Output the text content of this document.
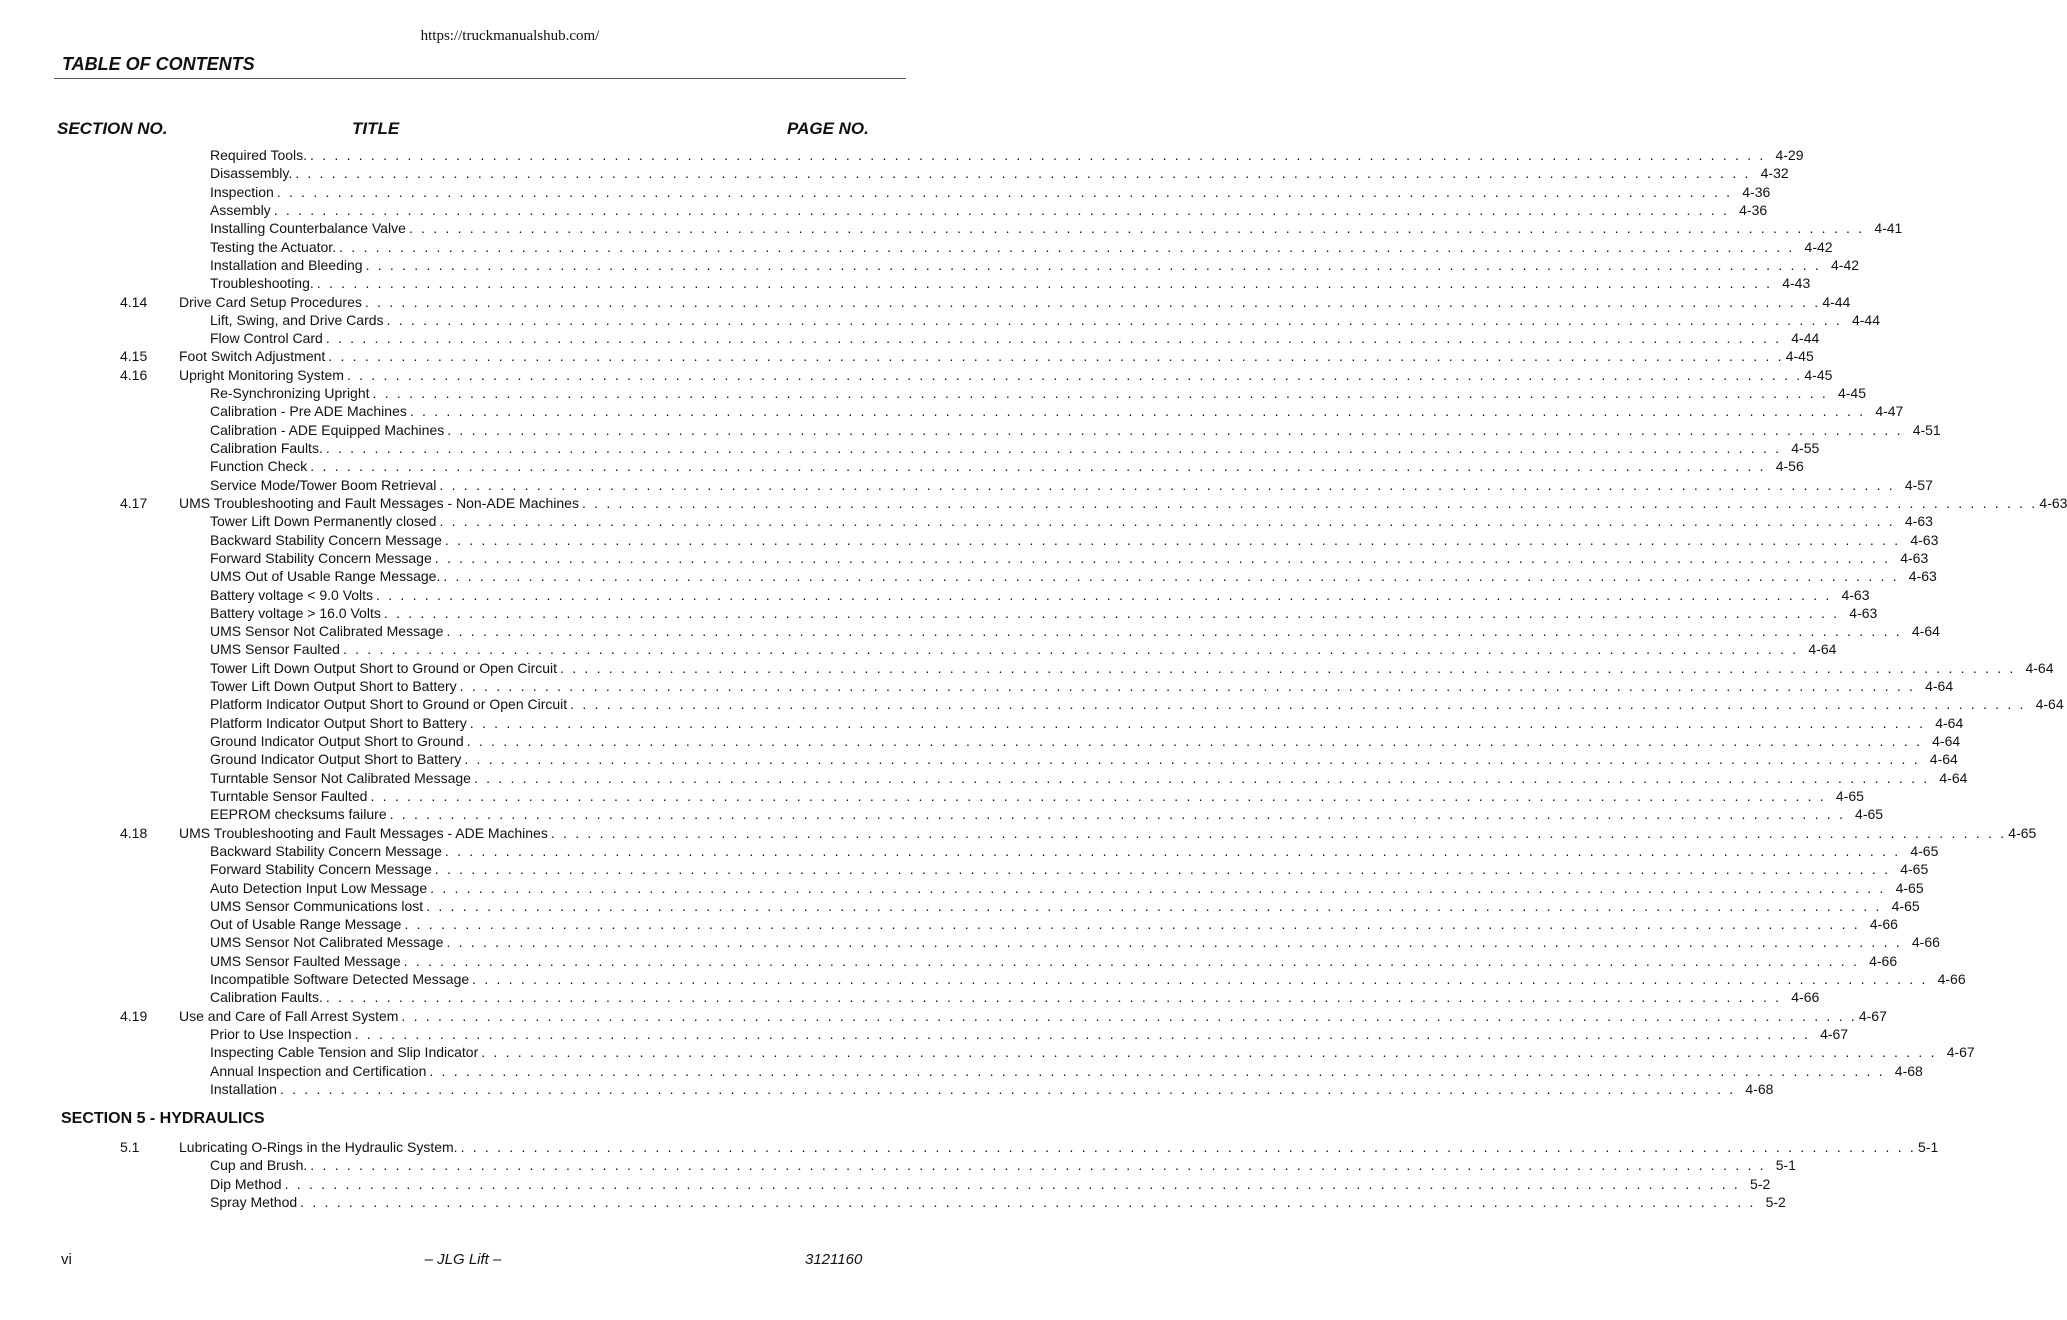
https://truckmanualshub.com/
TABLE OF CONTENTS
SECTION NO.	TITLE	PAGE NO.
Required Tools. . . . . . . . . . . . . . . . . . . . . . . . . . . . . . . . . . . . . . . . . . . . . . . . . . . . . . . . . . . . . . . . . . . . . . . . . . . . . . . . . . . . . . . . . . . . . . . . . . . . . . . . . . . . . . . . . . . . . . . . . 4-29
Disassembly. . . . . . . . . . . . . . . . . . . . . . . . . . . . . . . . . . . . . . . . . . . . . . . . . . . . . . . . . . . . . . . . . . . . . . . . . . . . . . . . . . . . . . . . . . . . . . . . . . . . . . . . . . . . . . . . . . . . . . . . . 4-32
Inspection . . . . . . . . . . . . . . . . . . . . . . . . . . . . . . . . . . . . . . . . . . . . . . . . . . . . . . . . . . . . . . . . . . . . . . . . . . . . . . . . . . . . . . . . . . . . . . . . . . . . . . . . . . . . . . . . . . . . . . . . 4-36
Assembly . . . . . . . . . . . . . . . . . . . . . . . . . . . . . . . . . . . . . . . . . . . . . . . . . . . . . . . . . . . . . . . . . . . . . . . . . . . . . . . . . . . . . . . . . . . . . . . . . . . . . . . . . . . . . . . . . . . . . . . . 4-36
Installing Counterbalance Valve . . . . . . . . . . . . . . . . . . . . . . . . . . . . . . . . . . . . . . . . . . . . . . . . . . . . . . . . . . . . . . . . . . . . . . . . . . . . . . . . . . . . . . . . . . . . . . . . . . . . . . . . . . . . . . . . . . . . . . . . 4-41
Testing the Actuator. . . . . . . . . . . . . . . . . . . . . . . . . . . . . . . . . . . . . . . . . . . . . . . . . . . . . . . . . . . . . . . . . . . . . . . . . . . . . . . . . . . . . . . . . . . . . . . . . . . . . . . . . . . . . . . . . . . . . . . . . 4-42
Installation and Bleeding . . . . . . . . . . . . . . . . . . . . . . . . . . . . . . . . . . . . . . . . . . . . . . . . . . . . . . . . . . . . . . . . . . . . . . . . . . . . . . . . . . . . . . . . . . . . . . . . . . . . . . . . . . . . . . . . . . . . . . . . 4-42
Troubleshooting. . . . . . . . . . . . . . . . . . . . . . . . . . . . . . . . . . . . . . . . . . . . . . . . . . . . . . . . . . . . . . . . . . . . . . . . . . . . . . . . . . . . . . . . . . . . . . . . . . . . . . . . . . . . . . . . . . . . . . . . . 4-43
4.14 Drive Card Setup Procedures . . . . . . . . . . . . . . . . . . . . . . . . . . . . . . . . . . . . . . . . . . . . . . . . . . . . . . . . . . . . . . . . . . . . . . . . . . . . . . . . . . . . . . . . . . . . . . . . . . . . . . . . . . . . . . . . . . . . . . . . 4-44
Lift, Swing, and Drive Cards . . . . . . . . . . . . . . . . . . . . . . . . . . . . . . . . . . . . . . . . . . . . . . . . . . . . . . . . . . . . . . . . . . . . . . . . . . . . . . . . . . . . . . . . . . . . . . . . . . . . . . . . . . . . . . . . . . . . . . . . 4-44
Flow Control Card . . . . . . . . . . . . . . . . . . . . . . . . . . . . . . . . . . . . . . . . . . . . . . . . . . . . . . . . . . . . . . . . . . . . . . . . . . . . . . . . . . . . . . . . . . . . . . . . . . . . . . . . . . . . . . . . . . . . . . . . 4-44
4.15 Foot Switch Adjustment . . . . . . . . . . . . . . . . . . . . . . . . . . . . . . . . . . . . . . . . . . . . . . . . . . . . . . . . . . . . . . . . . . . . . . . . . . . . . . . . . . . . . . . . . . . . . . . . . . . . . . . . . . . . . . . . . . . . . . . . 4-45
4.16 Upright Monitoring System . . . . . . . . . . . . . . . . . . . . . . . . . . . . . . . . . . . . . . . . . . . . . . . . . . . . . . . . . . . . . . . . . . . . . . . . . . . . . . . . . . . . . . . . . . . . . . . . . . . . . . . . . . . . . . . . . . . . . . . . 4-45
Re-Synchronizing Upright . . . . . . . . . . . . . . . . . . . . . . . . . . . . . . . . . . . . . . . . . . . . . . . . . . . . . . . . . . . . . . . . . . . . . . . . . . . . . . . . . . . . . . . . . . . . . . . . . . . . . . . . . . . . . . . . . . . . . . . . 4-45
Calibration - Pre ADE Machines . . . . . . . . . . . . . . . . . . . . . . . . . . . . . . . . . . . . . . . . . . . . . . . . . . . . . . . . . . . . . . . . . . . . . . . . . . . . . . . . . . . . . . . . . . . . . . . . . . . . . . . . . . . . . . . . . . . . . . . . 4-47
Calibration - ADE Equipped Machines . . . . . . . . . . . . . . . . . . . . . . . . . . . . . . . . . . . . . . . . . . . . . . . . . . . . . . . . . . . . . . . . . . . . . . . . . . . . . . . . . . . . . . . . . . . . . . . . . . . . . . . . . . . . . . . . . . . . . . . . 4-51
Calibration Faults. . . . . . . . . . . . . . . . . . . . . . . . . . . . . . . . . . . . . . . . . . . . . . . . . . . . . . . . . . . . . . . . . . . . . . . . . . . . . . . . . . . . . . . . . . . . . . . . . . . . . . . . . . . . . . . . . . . . . . . . . 4-55
Function Check . . . . . . . . . . . . . . . . . . . . . . . . . . . . . . . . . . . . . . . . . . . . . . . . . . . . . . . . . . . . . . . . . . . . . . . . . . . . . . . . . . . . . . . . . . . . . . . . . . . . . . . . . . . . . . . . . . . . . . . . 4-56
Service Mode/Tower Boom Retrieval . . . . . . . . . . . . . . . . . . . . . . . . . . . . . . . . . . . . . . . . . . . . . . . . . . . . . . . . . . . . . . . . . . . . . . . . . . . . . . . . . . . . . . . . . . . . . . . . . . . . . . . . . . . . . . . . . . . . . . . . 4-57
4.17 UMS Troubleshooting and Fault Messages - Non-ADE Machines . . . . . . . . . . . . . . . . . . . . . . . . . . . . . . . . . . . . . . . . . . . . . . . . . . . . . . . . . . . . . . . . . . . . . . . . . . . . . . . . . . . . . . . . . . . . . . . . . . . . . . . . . . . . . . . . . . . . . . . . 4-63
Tower Lift Down Permanently closed . . . . . . . . . . . . . . . . . . . . . . . . . . . . . . . . . . . . . . . . . . . . . . . . . . . . . . . . . . . . . . . . . . . . . . . . . . . . . . . . . . . . . . . . . . . . . . . . . . . . . . . . . . . . . . . . . . . . . . . . 4-63
Backward Stability Concern Message . . . . . . . . . . . . . . . . . . . . . . . . . . . . . . . . . . . . . . . . . . . . . . . . . . . . . . . . . . . . . . . . . . . . . . . . . . . . . . . . . . . . . . . . . . . . . . . . . . . . . . . . . . . . . . . . . . . . . . . . 4-63
Forward Stability Concern Message . . . . . . . . . . . . . . . . . . . . . . . . . . . . . . . . . . . . . . . . . . . . . . . . . . . . . . . . . . . . . . . . . . . . . . . . . . . . . . . . . . . . . . . . . . . . . . . . . . . . . . . . . . . . . . . . . . . . . . . . 4-63
UMS Out of Usable Range Message. . . . . . . . . . . . . . . . . . . . . . . . . . . . . . . . . . . . . . . . . . . . . . . . . . . . . . . . . . . . . . . . . . . . . . . . . . . . . . . . . . . . . . . . . . . . . . . . . . . . . . . . . . . . . . . . . . . . . . . . . 4-63
Battery voltage < 9.0 Volts . . . . . . . . . . . . . . . . . . . . . . . . . . . . . . . . . . . . . . . . . . . . . . . . . . . . . . . . . . . . . . . . . . . . . . . . . . . . . . . . . . . . . . . . . . . . . . . . . . . . . . . . . . . . . . . . . . . . . . . . 4-63
Battery voltage > 16.0 Volts . . . . . . . . . . . . . . . . . . . . . . . . . . . . . . . . . . . . . . . . . . . . . . . . . . . . . . . . . . . . . . . . . . . . . . . . . . . . . . . . . . . . . . . . . . . . . . . . . . . . . . . . . . . . . . . . . . . . . . . . 4-63
UMS Sensor Not Calibrated Message . . . . . . . . . . . . . . . . . . . . . . . . . . . . . . . . . . . . . . . . . . . . . . . . . . . . . . . . . . . . . . . . . . . . . . . . . . . . . . . . . . . . . . . . . . . . . . . . . . . . . . . . . . . . . . . . . . . . . . . . 4-64
UMS Sensor Faulted . . . . . . . . . . . . . . . . . . . . . . . . . . . . . . . . . . . . . . . . . . . . . . . . . . . . . . . . . . . . . . . . . . . . . . . . . . . . . . . . . . . . . . . . . . . . . . . . . . . . . . . . . . . . . . . . . . . . . . . . 4-64
Tower Lift Down Output Short to Ground or Open Circuit . . . . . . . . . . . . . . . . . . . . . . . . . . . . . . . . . . . . . . . . . . . . . . . . . . . . . . . . . . . . . . . . . . . . . . . . . . . . . . . . . . . . . . . . . . . . . . . . . . . . . . . . . . . . . . . . . . . . . . . . 4-64
Tower Lift Down Output Short to Battery . . . . . . . . . . . . . . . . . . . . . . . . . . . . . . . . . . . . . . . . . . . . . . . . . . . . . . . . . . . . . . . . . . . . . . . . . . . . . . . . . . . . . . . . . . . . . . . . . . . . . . . . . . . . . . . . . . . . . . . . 4-64
Platform Indicator Output Short to Ground or Open Circuit . . . . . . . . . . . . . . . . . . . . . . . . . . . . . . . . . . . . . . . . . . . . . . . . . . . . . . . . . . . . . . . . . . . . . . . . . . . . . . . . . . . . . . . . . . . . . . . . . . . . . . . . . . . . . . . . . . . . . . . . 4-64
Platform Indicator Output Short to Battery . . . . . . . . . . . . . . . . . . . . . . . . . . . . . . . . . . . . . . . . . . . . . . . . . . . . . . . . . . . . . . . . . . . . . . . . . . . . . . . . . . . . . . . . . . . . . . . . . . . . . . . . . . . . . . . . . . . . . . . . 4-64
Ground Indicator Output Short to Ground . . . . . . . . . . . . . . . . . . . . . . . . . . . . . . . . . . . . . . . . . . . . . . . . . . . . . . . . . . . . . . . . . . . . . . . . . . . . . . . . . . . . . . . . . . . . . . . . . . . . . . . . . . . . . . . . . . . . . . . . 4-64
Ground Indicator Output Short to Battery . . . . . . . . . . . . . . . . . . . . . . . . . . . . . . . . . . . . . . . . . . . . . . . . . . . . . . . . . . . . . . . . . . . . . . . . . . . . . . . . . . . . . . . . . . . . . . . . . . . . . . . . . . . . . . . . . . . . . . . . 4-64
Turntable Sensor Not Calibrated Message . . . . . . . . . . . . . . . . . . . . . . . . . . . . . . . . . . . . . . . . . . . . . . . . . . . . . . . . . . . . . . . . . . . . . . . . . . . . . . . . . . . . . . . . . . . . . . . . . . . . . . . . . . . . . . . . . . . . . . . . 4-64
Turntable Sensor Faulted . . . . . . . . . . . . . . . . . . . . . . . . . . . . . . . . . . . . . . . . . . . . . . . . . . . . . . . . . . . . . . . . . . . . . . . . . . . . . . . . . . . . . . . . . . . . . . . . . . . . . . . . . . . . . . . . . . . . . . . . 4-65
EEPROM checksums failure . . . . . . . . . . . . . . . . . . . . . . . . . . . . . . . . . . . . . . . . . . . . . . . . . . . . . . . . . . . . . . . . . . . . . . . . . . . . . . . . . . . . . . . . . . . . . . . . . . . . . . . . . . . . . . . . . . . . . . . . 4-65
4.18 UMS Troubleshooting and Fault Messages - ADE Machines . . . . . . . . . . . . . . . . . . . . . . . . . . . . . . . . . . . . . . . . . . . . . . . . . . . . . . . . . . . . . . . . . . . . . . . . . . . . . . . . . . . . . . . . . . . . . . . . . . . . . . . . . . . . . . . . . . . . . . . . 4-65
Backward Stability Concern Message . . . . . . . . . . . . . . . . . . . . . . . . . . . . . . . . . . . . . . . . . . . . . . . . . . . . . . . . . . . . . . . . . . . . . . . . . . . . . . . . . . . . . . . . . . . . . . . . . . . . . . . . . . . . . . . . . . . . . . . . 4-65
Forward Stability Concern Message . . . . . . . . . . . . . . . . . . . . . . . . . . . . . . . . . . . . . . . . . . . . . . . . . . . . . . . . . . . . . . . . . . . . . . . . . . . . . . . . . . . . . . . . . . . . . . . . . . . . . . . . . . . . . . . . . . . . . . . . 4-65
Auto Detection Input Low Message . . . . . . . . . . . . . . . . . . . . . . . . . . . . . . . . . . . . . . . . . . . . . . . . . . . . . . . . . . . . . . . . . . . . . . . . . . . . . . . . . . . . . . . . . . . . . . . . . . . . . . . . . . . . . . . . . . . . . . . . 4-65
UMS Sensor Communications lost . . . . . . . . . . . . . . . . . . . . . . . . . . . . . . . . . . . . . . . . . . . . . . . . . . . . . . . . . . . . . . . . . . . . . . . . . . . . . . . . . . . . . . . . . . . . . . . . . . . . . . . . . . . . . . . . . . . . . . . . 4-65
Out of Usable Range Message . . . . . . . . . . . . . . . . . . . . . . . . . . . . . . . . . . . . . . . . . . . . . . . . . . . . . . . . . . . . . . . . . . . . . . . . . . . . . . . . . . . . . . . . . . . . . . . . . . . . . . . . . . . . . . . . . . . . . . . . 4-66
UMS Sensor Not Calibrated Message . . . . . . . . . . . . . . . . . . . . . . . . . . . . . . . . . . . . . . . . . . . . . . . . . . . . . . . . . . . . . . . . . . . . . . . . . . . . . . . . . . . . . . . . . . . . . . . . . . . . . . . . . . . . . . . . . . . . . . . . 4-66
UMS Sensor Faulted Message . . . . . . . . . . . . . . . . . . . . . . . . . . . . . . . . . . . . . . . . . . . . . . . . . . . . . . . . . . . . . . . . . . . . . . . . . . . . . . . . . . . . . . . . . . . . . . . . . . . . . . . . . . . . . . . . . . . . . . . . 4-66
Incompatible Software Detected Message . . . . . . . . . . . . . . . . . . . . . . . . . . . . . . . . . . . . . . . . . . . . . . . . . . . . . . . . . . . . . . . . . . . . . . . . . . . . . . . . . . . . . . . . . . . . . . . . . . . . . . . . . . . . . . . . . . . . . . . . 4-66
Calibration Faults. . . . . . . . . . . . . . . . . . . . . . . . . . . . . . . . . . . . . . . . . . . . . . . . . . . . . . . . . . . . . . . . . . . . . . . . . . . . . . . . . . . . . . . . . . . . . . . . . . . . . . . . . . . . . . . . . . . . . . . . . 4-66
4.19 Use and Care of Fall Arrest System . . . . . . . . . . . . . . . . . . . . . . . . . . . . . . . . . . . . . . . . . . . . . . . . . . . . . . . . . . . . . . . . . . . . . . . . . . . . . . . . . . . . . . . . . . . . . . . . . . . . . . . . . . . . . . . . . . . . . . . . 4-67
Prior to Use Inspection . . . . . . . . . . . . . . . . . . . . . . . . . . . . . . . . . . . . . . . . . . . . . . . . . . . . . . . . . . . . . . . . . . . . . . . . . . . . . . . . . . . . . . . . . . . . . . . . . . . . . . . . . . . . . . . . . . . . . . . . 4-67
Inspecting Cable Tension and Slip Indicator . . . . . . . . . . . . . . . . . . . . . . . . . . . . . . . . . . . . . . . . . . . . . . . . . . . . . . . . . . . . . . . . . . . . . . . . . . . . . . . . . . . . . . . . . . . . . . . . . . . . . . . . . . . . . . . . . . . . . . . . 4-67
Annual Inspection and Certification . . . . . . . . . . . . . . . . . . . . . . . . . . . . . . . . . . . . . . . . . . . . . . . . . . . . . . . . . . . . . . . . . . . . . . . . . . . . . . . . . . . . . . . . . . . . . . . . . . . . . . . . . . . . . . . . . . . . . . . . 4-68
Installation . . . . . . . . . . . . . . . . . . . . . . . . . . . . . . . . . . . . . . . . . . . . . . . . . . . . . . . . . . . . . . . . . . . . . . . . . . . . . . . . . . . . . . . . . . . . . . . . . . . . . . . . . . . . . . . . . . . . . . . . 4-68
SECTION 5 - HYDRAULICS
5.1	Lubricating O-Rings in the Hydraulic System. . . . . . . . . . . . . . . . . . . . . . . . . . . . . . . . . . . . . . . . . . . . . . . . . . . . . . . . . . . . . . . . . . . . . . . . . . . . . . . . . . . . . . . . . . . . . . . . . . . . . . . . . . . . . . . . . . . . . . . . . 5-1
Cup and Brush. . . . . . . . . . . . . . . . . . . . . . . . . . . . . . . . . . . . . . . . . . . . . . . . . . . . . . . . . . . . . . . . . . . . . . . . . . . . . . . . . . . . . . . . . . . . . . . . . . . . . . . . . . . . . . . . . . . . . . . . . 5-1
Dip Method . . . . . . . . . . . . . . . . . . . . . . . . . . . . . . . . . . . . . . . . . . . . . . . . . . . . . . . . . . . . . . . . . . . . . . . . . . . . . . . . . . . . . . . . . . . . . . . . . . . . . . . . . . . . . . . . . . . . . . . . 5-2
Spray Method . . . . . . . . . . . . . . . . . . . . . . . . . . . . . . . . . . . . . . . . . . . . . . . . . . . . . . . . . . . . . . . . . . . . . . . . . . . . . . . . . . . . . . . . . . . . . . . . . . . . . . . . . . . . . . . . . . . . . . . . 5-2
vi	– JLG Lift –	3121160
